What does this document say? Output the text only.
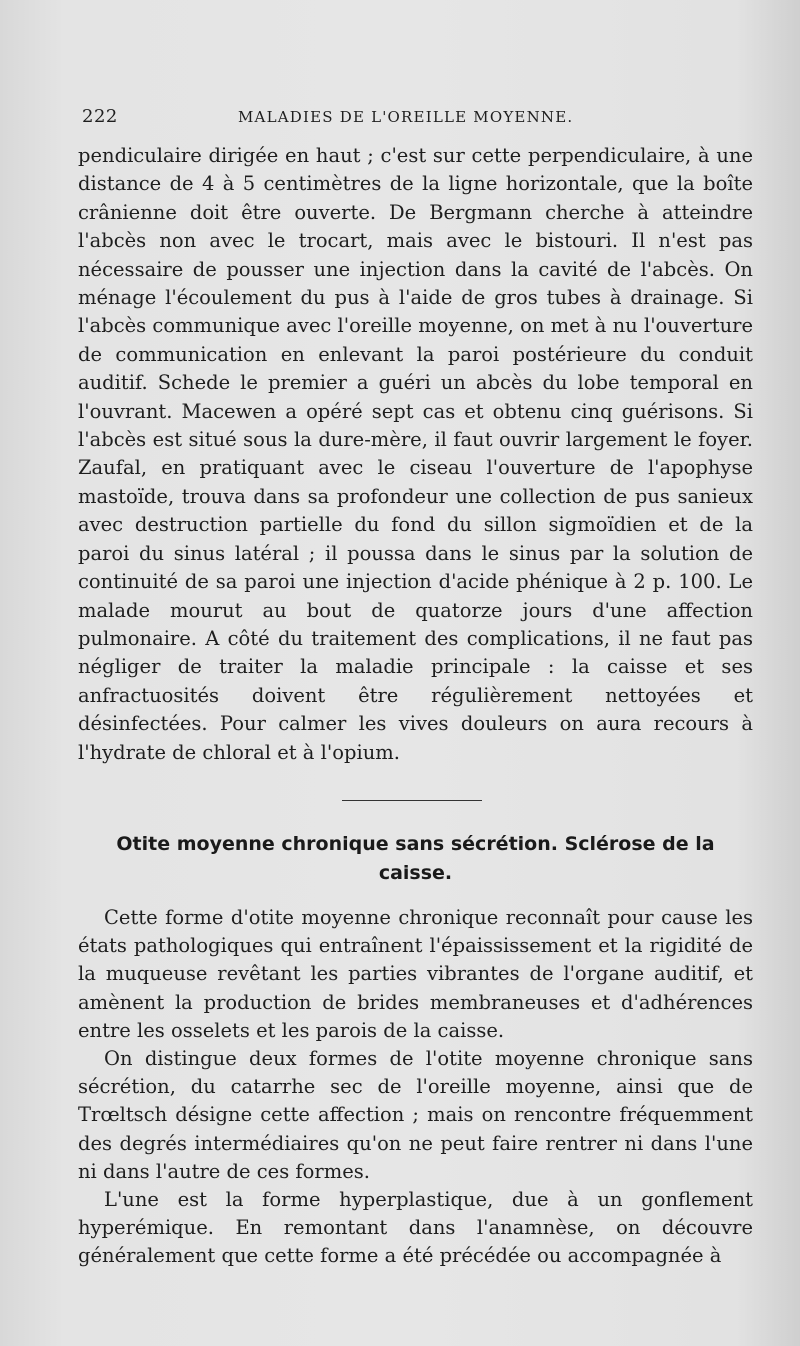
222	MALADIES DE L'OREILLE MOYENNE.

pendiculaire dirigée en haut ; c'est sur cette perpendiculaire, à une distance de 4 à 5 centimètres de la ligne horizontale, que la boîte crânienne doit être ouverte. De Bergmann cherche à atteindre l'abcès non avec le trocart, mais avec le bistouri. Il n'est pas nécessaire de pousser une injection dans la cavité de l'abcès. On ménage l'écoulement du pus à l'aide de gros tubes à drainage. Si l'abcès communique avec l'oreille moyenne, on met à nu l'ouverture de communication en enlevant la paroi postérieure du conduit auditif. Schede le premier a guéri un abcès du lobe temporal en l'ouvrant. Macewen a opéré sept cas et obtenu cinq guérisons. Si l'abcès est situé sous la dure-mère, il faut ouvrir largement le foyer. Zaufal, en pratiquant avec le ciseau l'ouverture de l'apophyse mastoïde, trouva dans sa profondeur une collection de pus sanieux avec destruction partielle du fond du sillon sigmoïdien et de la paroi du sinus latéral ; il poussa dans le sinus par la solution de continuité de sa paroi une injection d'acide phénique à 2 p. 100. Le malade mourut au bout de quatorze jours d'une affection pulmonaire. A côté du traitement des complications, il ne faut pas négliger de traiter la maladie principale : la caisse et ses anfractuosités doivent être régulièrement nettoyées et désinfectées. Pour calmer les vives douleurs on aura recours à l'hydrate de chloral et à l'opium.

Otite moyenne chronique sans sécrétion. Sclérose de la caisse.

Cette forme d'otite moyenne chronique reconnaît pour cause les états pathologiques qui entraînent l'épaississement et la rigidité de la muqueuse revêtant les parties vibrantes de l'organe auditif, et amènent la production de brides membraneuses et d'adhérences entre les osselets et les parois de la caisse.

On distingue deux formes de l'otite moyenne chronique sans sécrétion, du catarrhe sec de l'oreille moyenne, ainsi que de Trœltsch désigne cette affection ; mais on rencontre fréquemment des degrés intermédiaires qu'on ne peut faire rentrer ni dans l'une ni dans l'autre de ces formes.

L'une est la forme hyperplastique, due à un gonflement hyperémique. En remontant dans l'anamnèse, on découvre généralement que cette forme a été précédée ou accompagnée à
